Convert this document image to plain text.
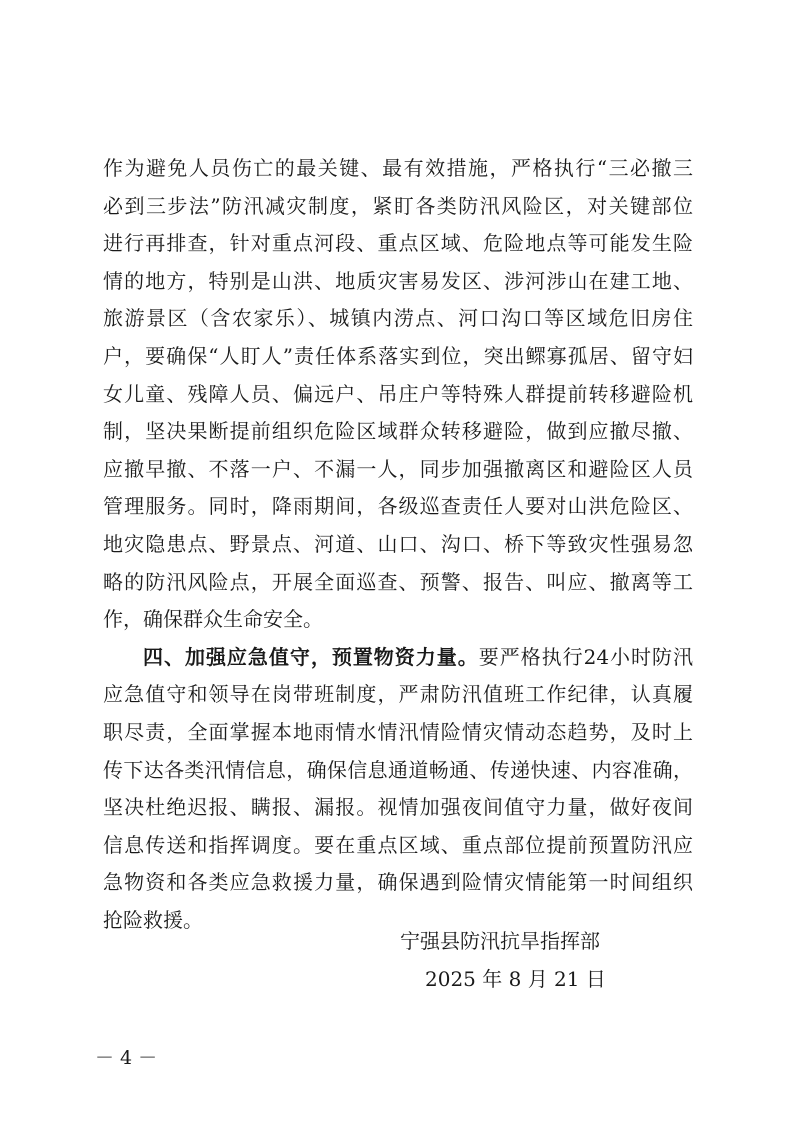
作为避免人员伤亡的最关键、最有效措施，严格执行“三必撤三
必到三步法”防汛减灾制度，紧盯各类防汛风险区，对关键部位
进行再排查，针对重点河段、重点区域、危险地点等可能发生险
情的地方，特别是山洪、地质灾害易发区、涉河涉山在建工地、
旅游景区（含农家乐）、城镇内涝点、河口沟口等区域危旧房住
户，要确保“人盯人”责任体系落实到位，突出鳏寡孤居、留守妇
女儿童、残障人员、偏远户、吊庄户等特殊人群提前转移避险机
制，坚决果断提前组织危险区域群众转移避险，做到应撤尽撤、
应撤早撤、不落一户、不漏一人，同步加强撤离区和避险区人员
管理服务。同时，降雨期间，各级巡查责任人要对山洪危险区、
地灾隐患点、野景点、河道、山口、沟口、桥下等致灾性强易忽
略的防汛风险点，开展全面巡查、预警、报告、叫应、撤离等工
作，确保群众生命安全。
四、加强应急值守，预置物资力量。要严格执行24小时防汛
应急值守和领导在岗带班制度，严肃防汛值班工作纪律，认真履
职尽责，全面掌握本地雨情水情汛情险情灾情动态趋势，及时上
传下达各类汛情信息，确保信息通道畅通、传递快速、内容准确，
坚决杜绝迟报、瞒报、漏报。视情加强夜间值守力量，做好夜间
信息传送和指挥调度。要在重点区域、重点部位提前预置防汛应
急物资和各类应急救援力量，确保遇到险情灾情能第一时间组织
抢险救援。
宁强县防汛抗旱指挥部
2025 年 8 月 21 日
－ 4 －
